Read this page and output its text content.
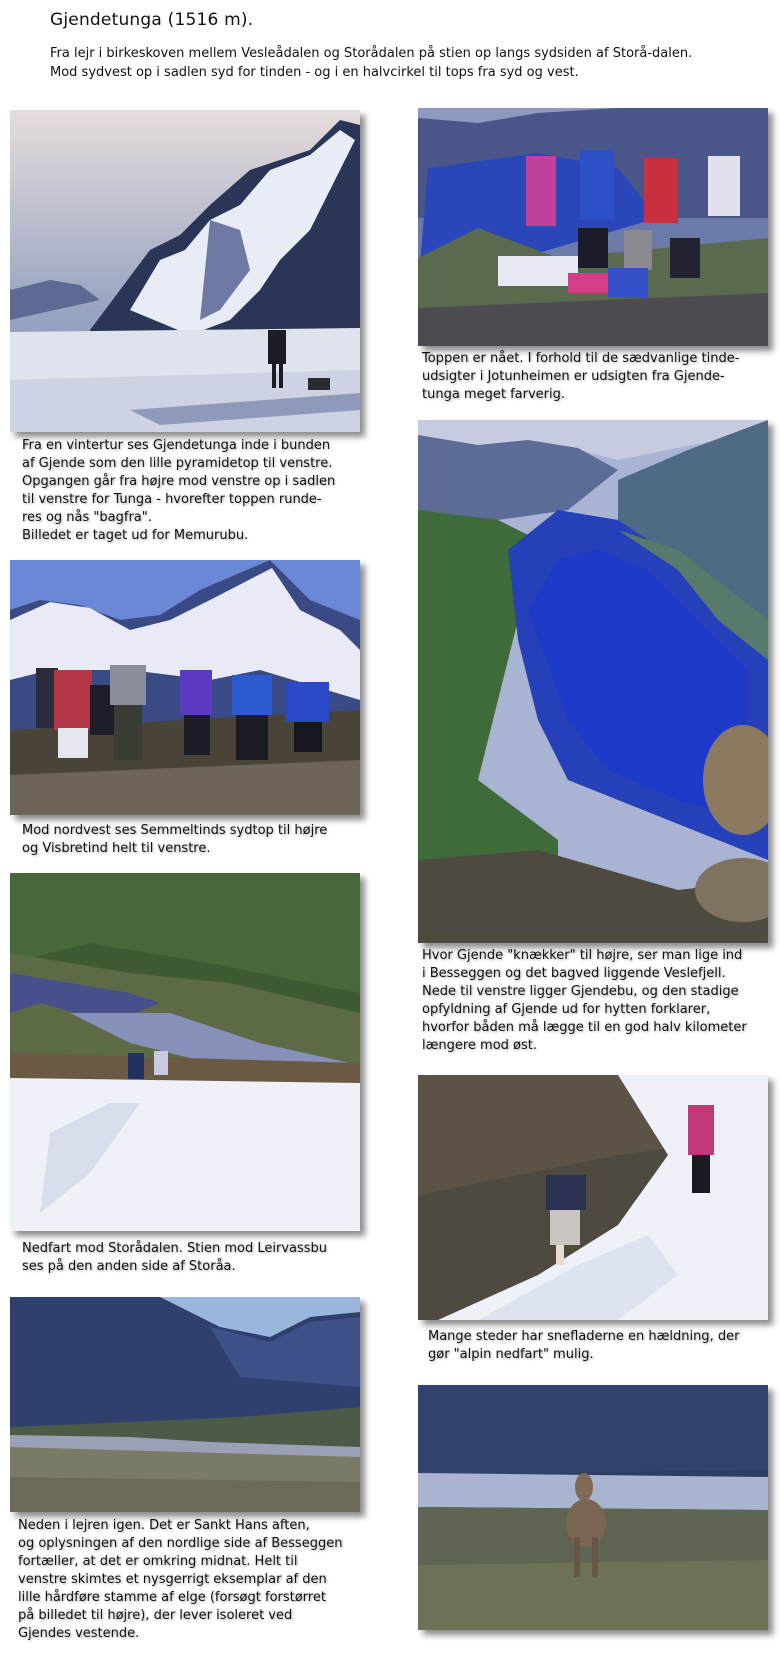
Gjendetunga (1516 m).
Fra lejr i birkeskoven mellem Vesleådalen og Storådalen på stien op langs sydsiden af Storå-dalen. Mod sydvest op i sadlen syd for tinden - og i en halvcirkel til tops fra syd og vest.
Fra en vintertur ses Gjendetunga inde i bunden
af Gjende som den lille pyramidetop til venstre.
Opgangen går fra højre mod venstre op i sadlen
til venstre for Tunga - hvorefter toppen runde-
res og nås "bagfra".
Billedet er taget ud for Memurubu.
Toppen er nået. I forhold til de sædvanlige tinde-
udsigter i Jotunheimen er udsigten fra Gjende-
tunga meget farverig.
Mod nordvest ses Semmeltinds sydtop til højre
og Visbretind helt til venstre.
Hvor Gjende "knækker" til højre, ser man lige ind
i Besseggen og det bagved liggende Veslefjell.
Nede til venstre ligger Gjendebu, og den stadige
opfyldning af Gjende ud for hytten forklarer,
hvorfor båden må lægge til en god halv kilometer
længere mod øst.
Nedfart mod Storådalen. Stien mod Leirvassbu
ses på den anden side af Storåa.
Mange steder har snefladerne en hældning, der
gør "alpin nedfart" mulig.
Neden i lejren igen. Det er Sankt Hans aften,
og oplysningen af den nordlige side af Besseggen
fortæller, at det er omkring midnat. Helt til
venstre skimtes et nysgerrigt eksemplar af den
lille hårdføre stamme af elge (forsøgt forstørret
på billedet til højre), der lever isoleret ved
Gjendes vestende.
